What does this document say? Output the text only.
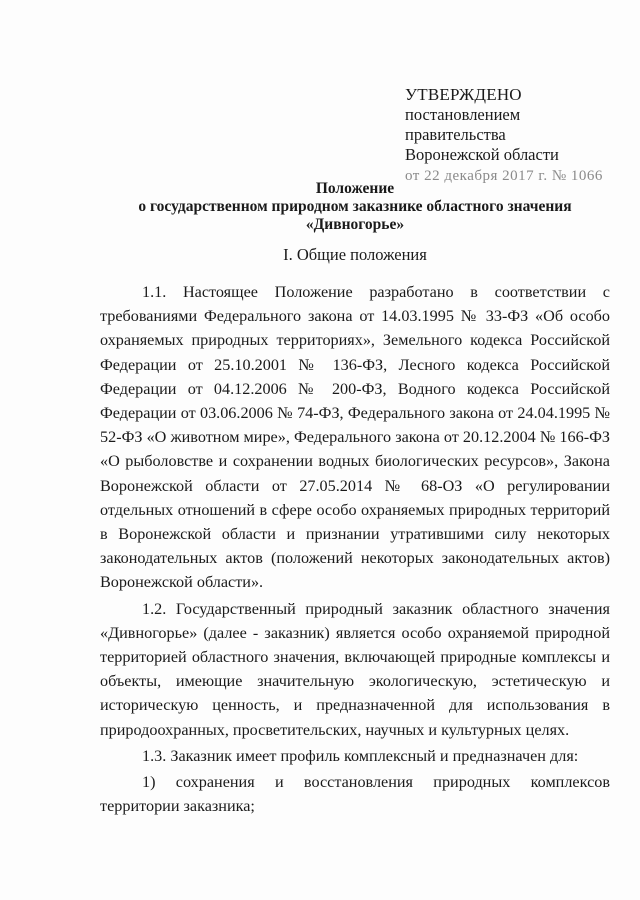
УТВЕРЖДЕНО
постановлением правительства
Воронежской области
от 22 декабря 2017 г. № 1066
Положение
о государственном природном заказнике областного значения
«Дивногорье»
I. Общие положения

1.1. Настоящее Положение разработано в соответствии с требованиями Федерального закона от 14.03.1995 № 33-ФЗ «Об особо охраняемых природных территориях», Земельного кодекса Российской Федерации от 25.10.2001 № 136-ФЗ, Лесного кодекса Российской Федерации от 04.12.2006 № 200-ФЗ, Водного кодекса Российской Федерации от 03.06.2006 № 74-ФЗ, Федерального закона от 24.04.1995 № 52-ФЗ «О животном мире», Федерального закона от 20.12.2004 № 166-ФЗ «О рыболовстве и сохранении водных биологических ресурсов», Закона Воронежской области от 27.05.2014 № 68-ОЗ «О регулировании отдельных отношений в сфере особо охраняемых природных территорий в Воронежской области и признании утратившими силу некоторых законодательных актов (положений некоторых законодательных актов) Воронежской области».

1.2. Государственный природный заказник областного значения «Дивногорье» (далее - заказник) является особо охраняемой природной территорией областного значения, включающей природные комплексы и объекты, имеющие значительную экологическую, эстетическую и историческую ценность, и предназначенной для использования в природоохранных, просветительских, научных и культурных целях.

1.3. Заказник имеет профиль комплексный и предназначен для:

1) сохранения и восстановления природных комплексов территории заказника;
